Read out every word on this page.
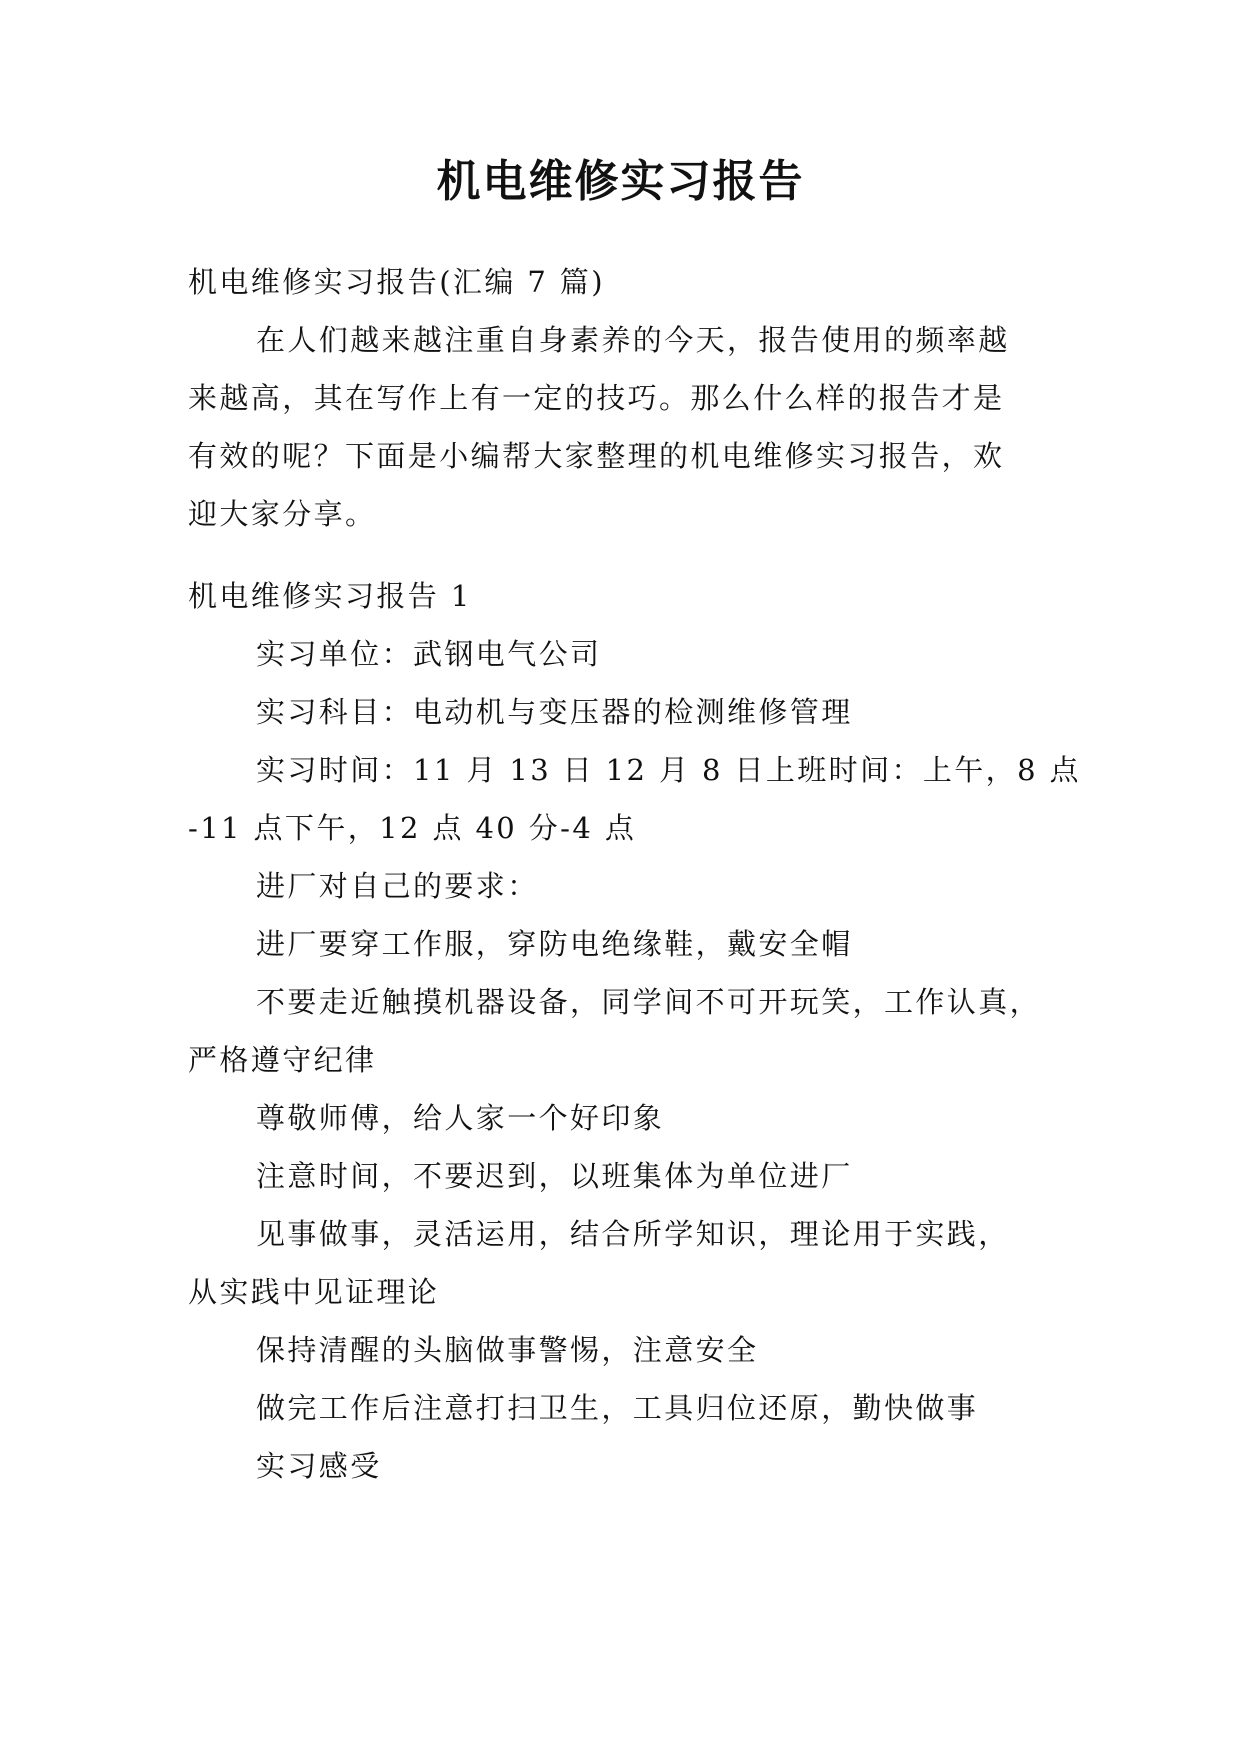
机电维修实习报告
机电维修实习报告(汇编 7 篇)
在人们越来越注重自身素养的今天，报告使用的频率越
来越高，其在写作上有一定的技巧。那么什么样的报告才是
有效的呢？下面是小编帮大家整理的机电维修实习报告，欢
迎大家分享。
机电维修实习报告 1
实习单位：武钢电气公司
实习科目：电动机与变压器的检测维修管理
实习时间：11 月 13 日 12 月 8 日上班时间：上午，8 点
-11 点下午，12 点 40 分-4 点
进厂对自己的要求：
进厂要穿工作服，穿防电绝缘鞋，戴安全帽
不要走近触摸机器设备，同学间不可开玩笑，工作认真，
严格遵守纪律
尊敬师傅，给人家一个好印象
注意时间，不要迟到，以班集体为单位进厂
见事做事，灵活运用，结合所学知识，理论用于实践，
从实践中见证理论
保持清醒的头脑做事警惕，注意安全
做完工作后注意打扫卫生，工具归位还原，勤快做事
实习感受
